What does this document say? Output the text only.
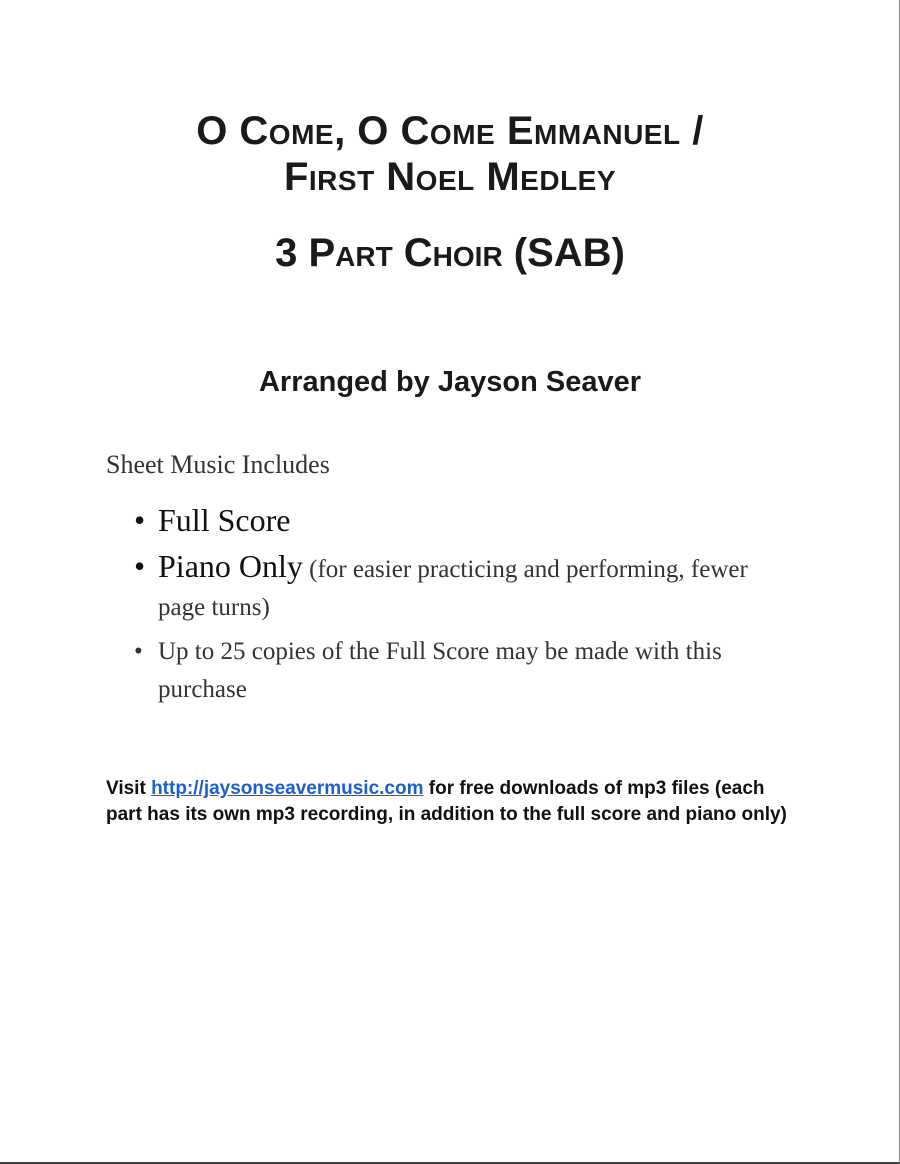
O Come, O Come Emmanuel /
First Noel Medley
3 Part Choir (SAB)
Arranged by Jayson Seaver
Sheet Music Includes
• Full Score
• Piano Only (for easier practicing and performing, fewer page turns)
• Up to 25 copies of the Full Score may be made with this purchase
Visit http://jaysonseavermusic.com for free downloads of mp3 files (each part has its own mp3 recording, in addition to the full score and piano only)
